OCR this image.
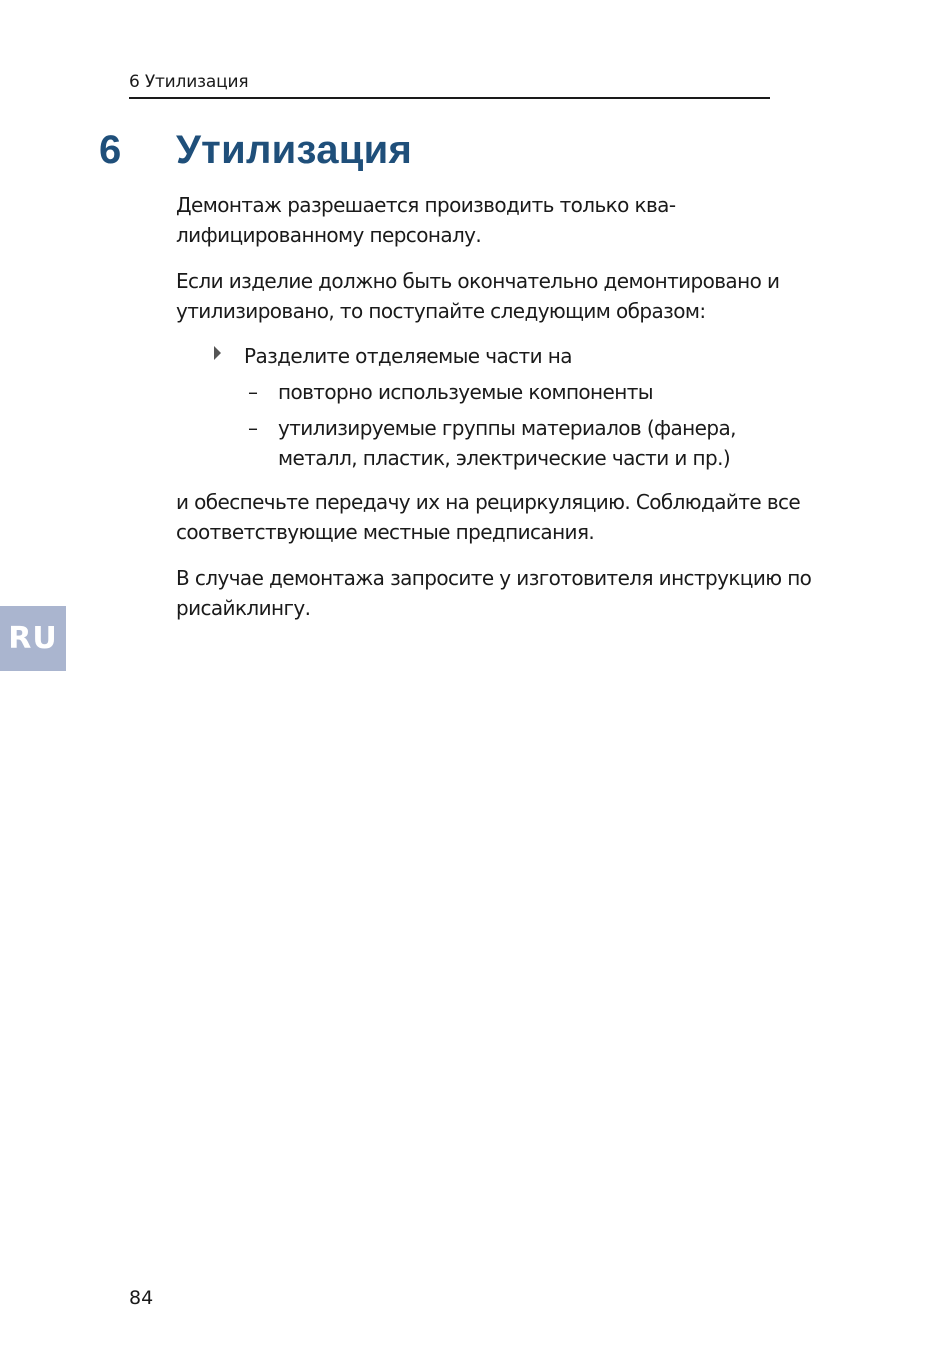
6 Утилизация
6 Утилизация

Демонтаж разрешается производить только ква- лифицированному персоналу.

Если изделие должно быть окончательно демонтировано и утилизировано, то поступайте следующим образом:

Разделите отделяемые части на
– повторно используемые компоненты
– утилизируемые группы материалов (фанера, металл, пластик, электрические части и пр.)

и обеспечьте передачу их на рециркуляцию. Соблюдайте все соответствующие местные предписания.

В случае демонтажа запросите у изготовителя инструкцию по рисайклингу.

RU
84
